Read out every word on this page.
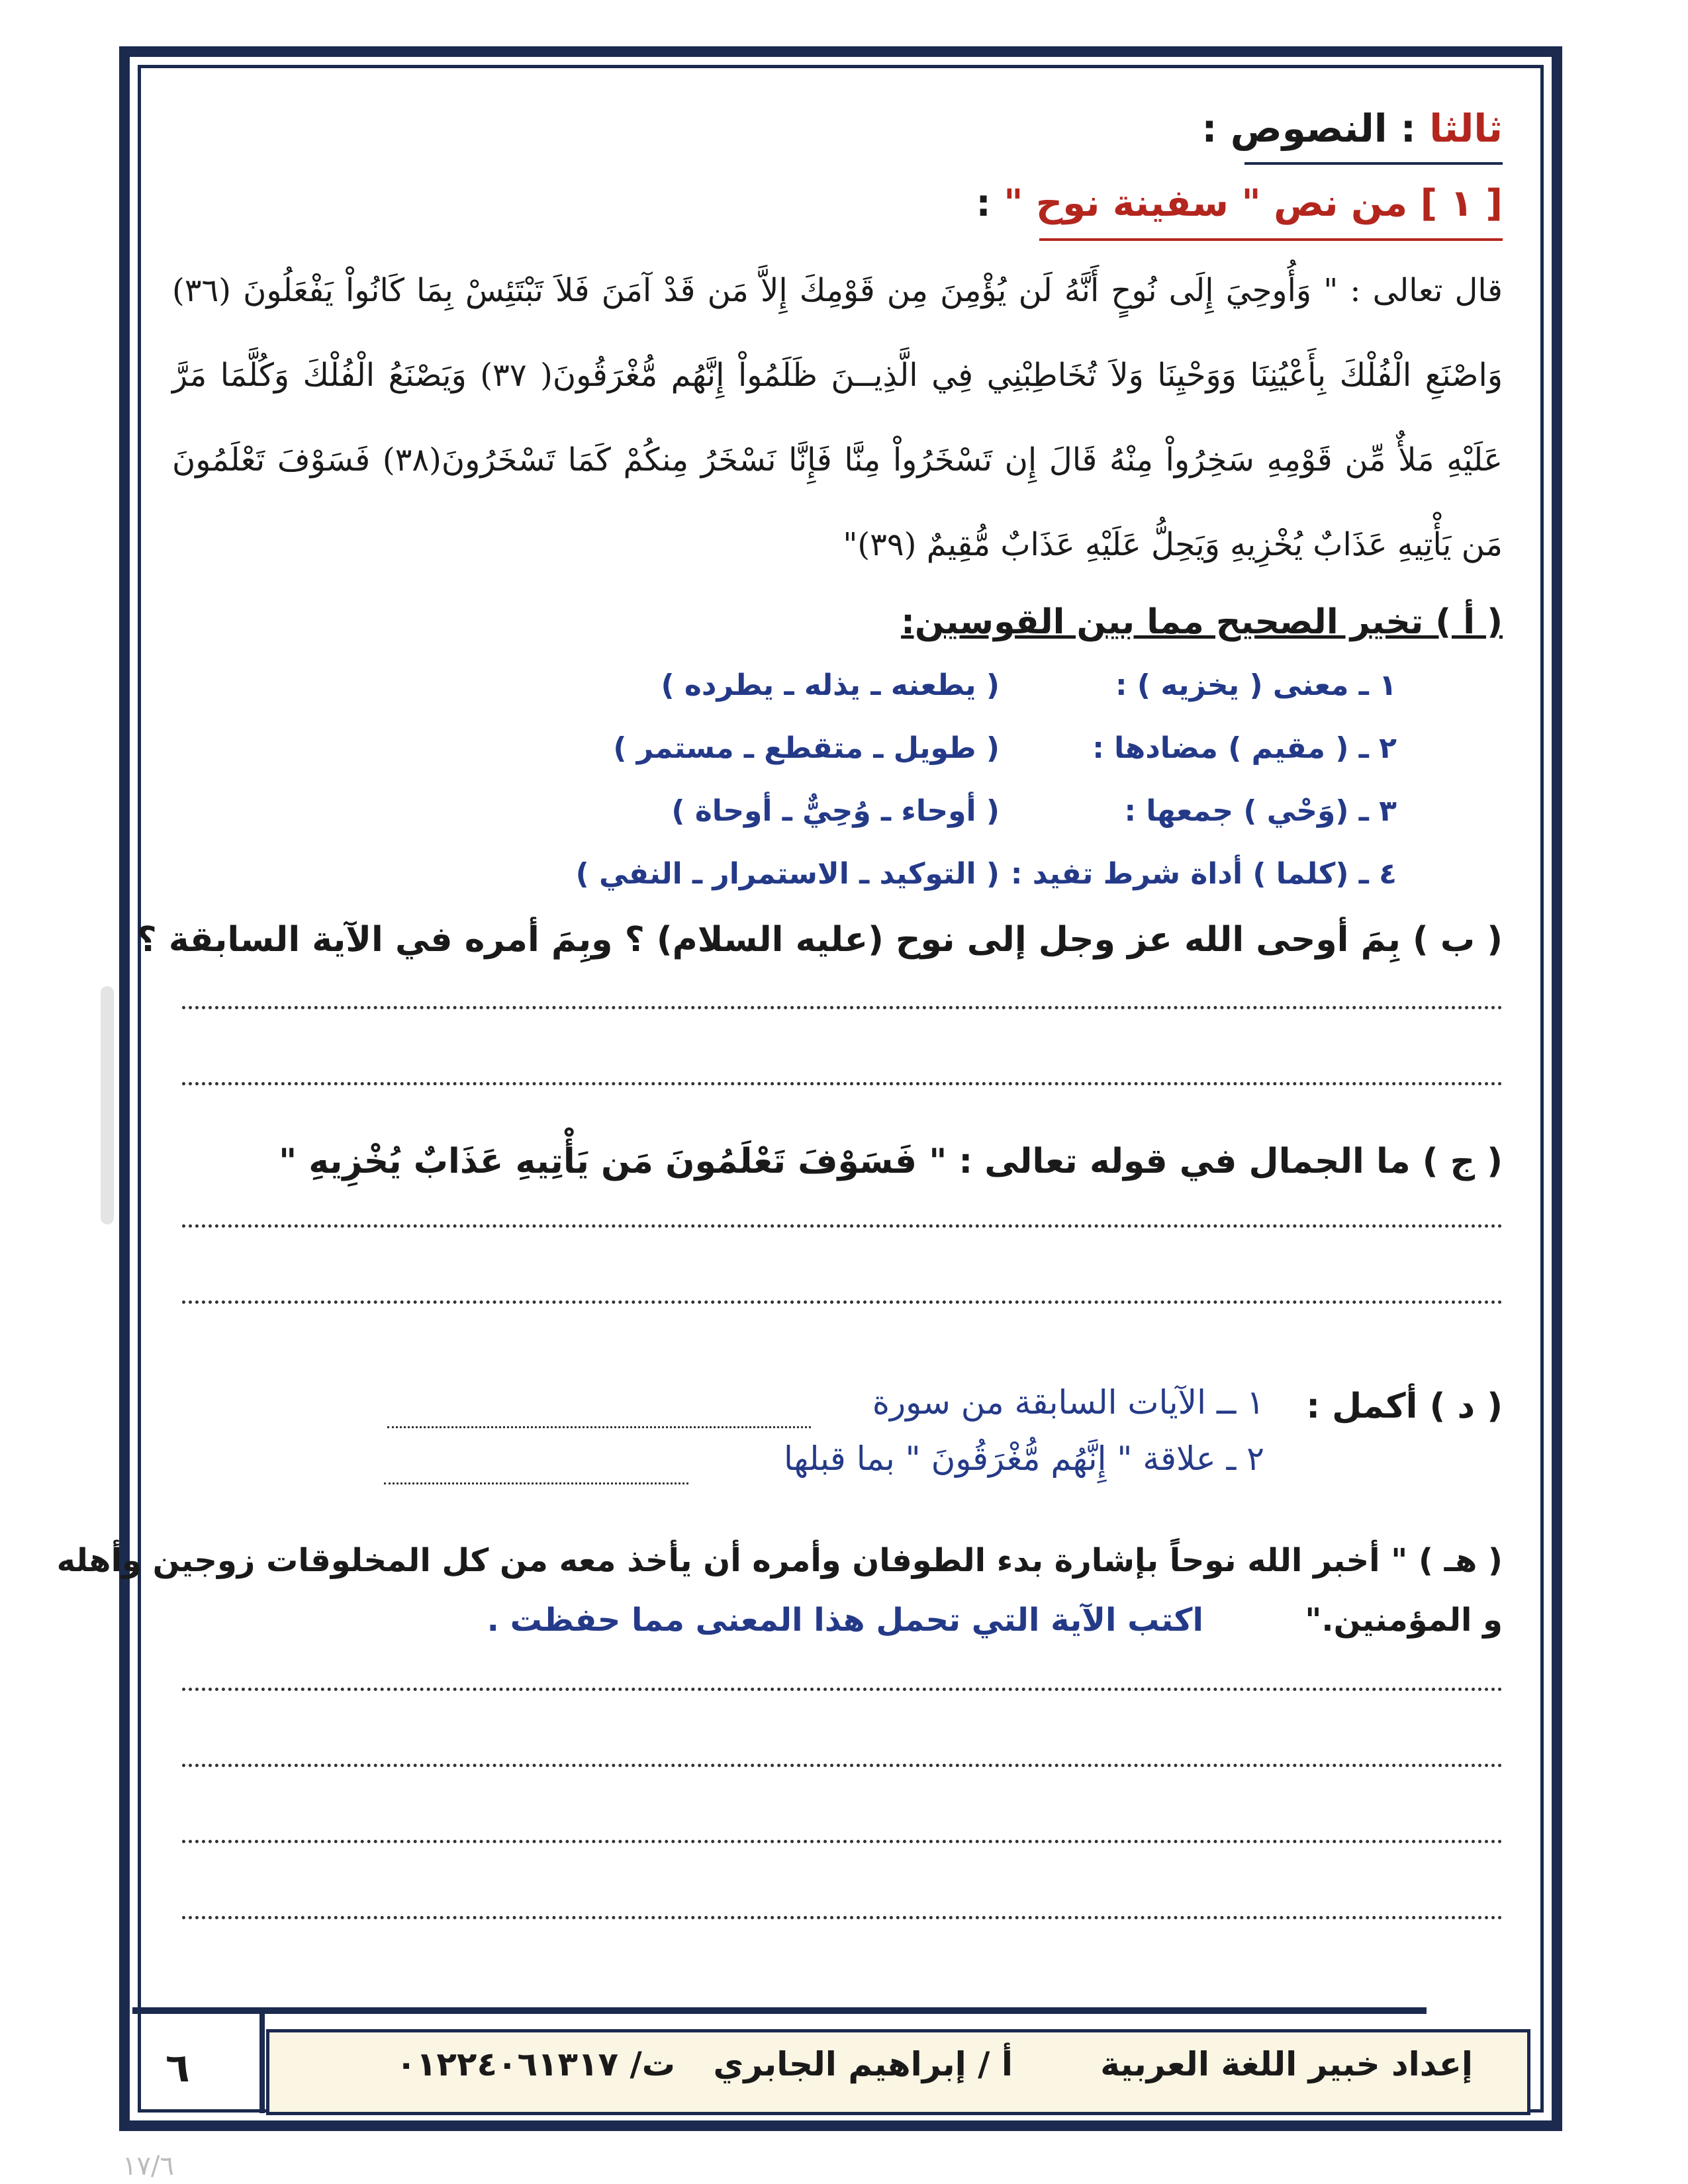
ثالثا : النصوص :
[ ١ ] من نص " سفينة نوح " :
قال تعالى : " وَأُوحِيَ إِلَى نُوحٍ أَنَّهُ لَن يُؤْمِنَ مِن قَوْمِكَ إِلاَّ مَن قَدْ آمَنَ فَلاَ تَبْتَئِسْ بِمَا كَانُواْ يَفْعَلُونَ (٣٦) وَاصْنَعِ الْفُلْكَ بِأَعْيُنِنَا وَوَحْيِنَا وَلاَ تُخَاطِبْنِي فِي الَّذِيــنَ ظَلَمُواْ إِنَّهُم مُّغْرَقُونَ( ٣٧) وَيَصْنَعُ الْفُلْكَ وَكُلَّمَا مَرَّ عَلَيْهِ مَلأٌ مِّن قَوْمِهِ سَخِرُواْ مِنْهُ قَالَ إِن تَسْخَرُواْ مِنَّا فَإِنَّا نَسْخَرُ مِنكُمْ كَمَا تَسْخَرُونَ(٣٨) فَسَوْفَ تَعْلَمُونَ مَن يَأْتِيهِ عَذَابٌ يُخْزِيهِ وَيَحِلُّ عَلَيْهِ عَذَابٌ مُّقِيمٌ (٣٩)"
( أ ) تخير الصحيح مما بين القوسين:
١ ـ معنى ( يخزيه ) :
( يطعنه ـ يذله ـ يطرده )
٢ ـ ( مقيم ) مضادها :
( طويل ـ متقطع ـ مستمر )
٣ ـ (وَحْي ) جمعها :
( أوحاء ـ وُحِيٌّ ـ أوحاة )
٤ ـ (كلما ) أداة شرط تفيد :
( التوكيد ـ الاستمرار ـ النفي )
( ب ) بِمَ أوحى الله عز وجل إلى نوح (عليه السلام) ؟ وبِمَ أمره في الآية السابقة ؟
( ج ) ما الجمال في قوله تعالى : " فَسَوْفَ تَعْلَمُونَ مَن يَأْتِيهِ عَذَابٌ يُخْزِيهِ "
( د ) أكمل :
١ ــ الآيات السابقة من سورة
٢ ـ علاقة " إِنَّهُم مُّغْرَقُونَ " بما قبلها
( هـ ) " أخبر الله نوحاً بإشارة بدء الطوفان وأمره أن يأخذ معه من كل المخلوقات زوجين وأهله
و المؤمنين."  اكتب الآية التي تحمل هذا المعنى مما حفظت .
إعداد خبير اللغة العربية
أ / إبراهيم الجابري
ت/ ٠١٢٢٤٠٦١٣١٧
٦
١٧/٦
